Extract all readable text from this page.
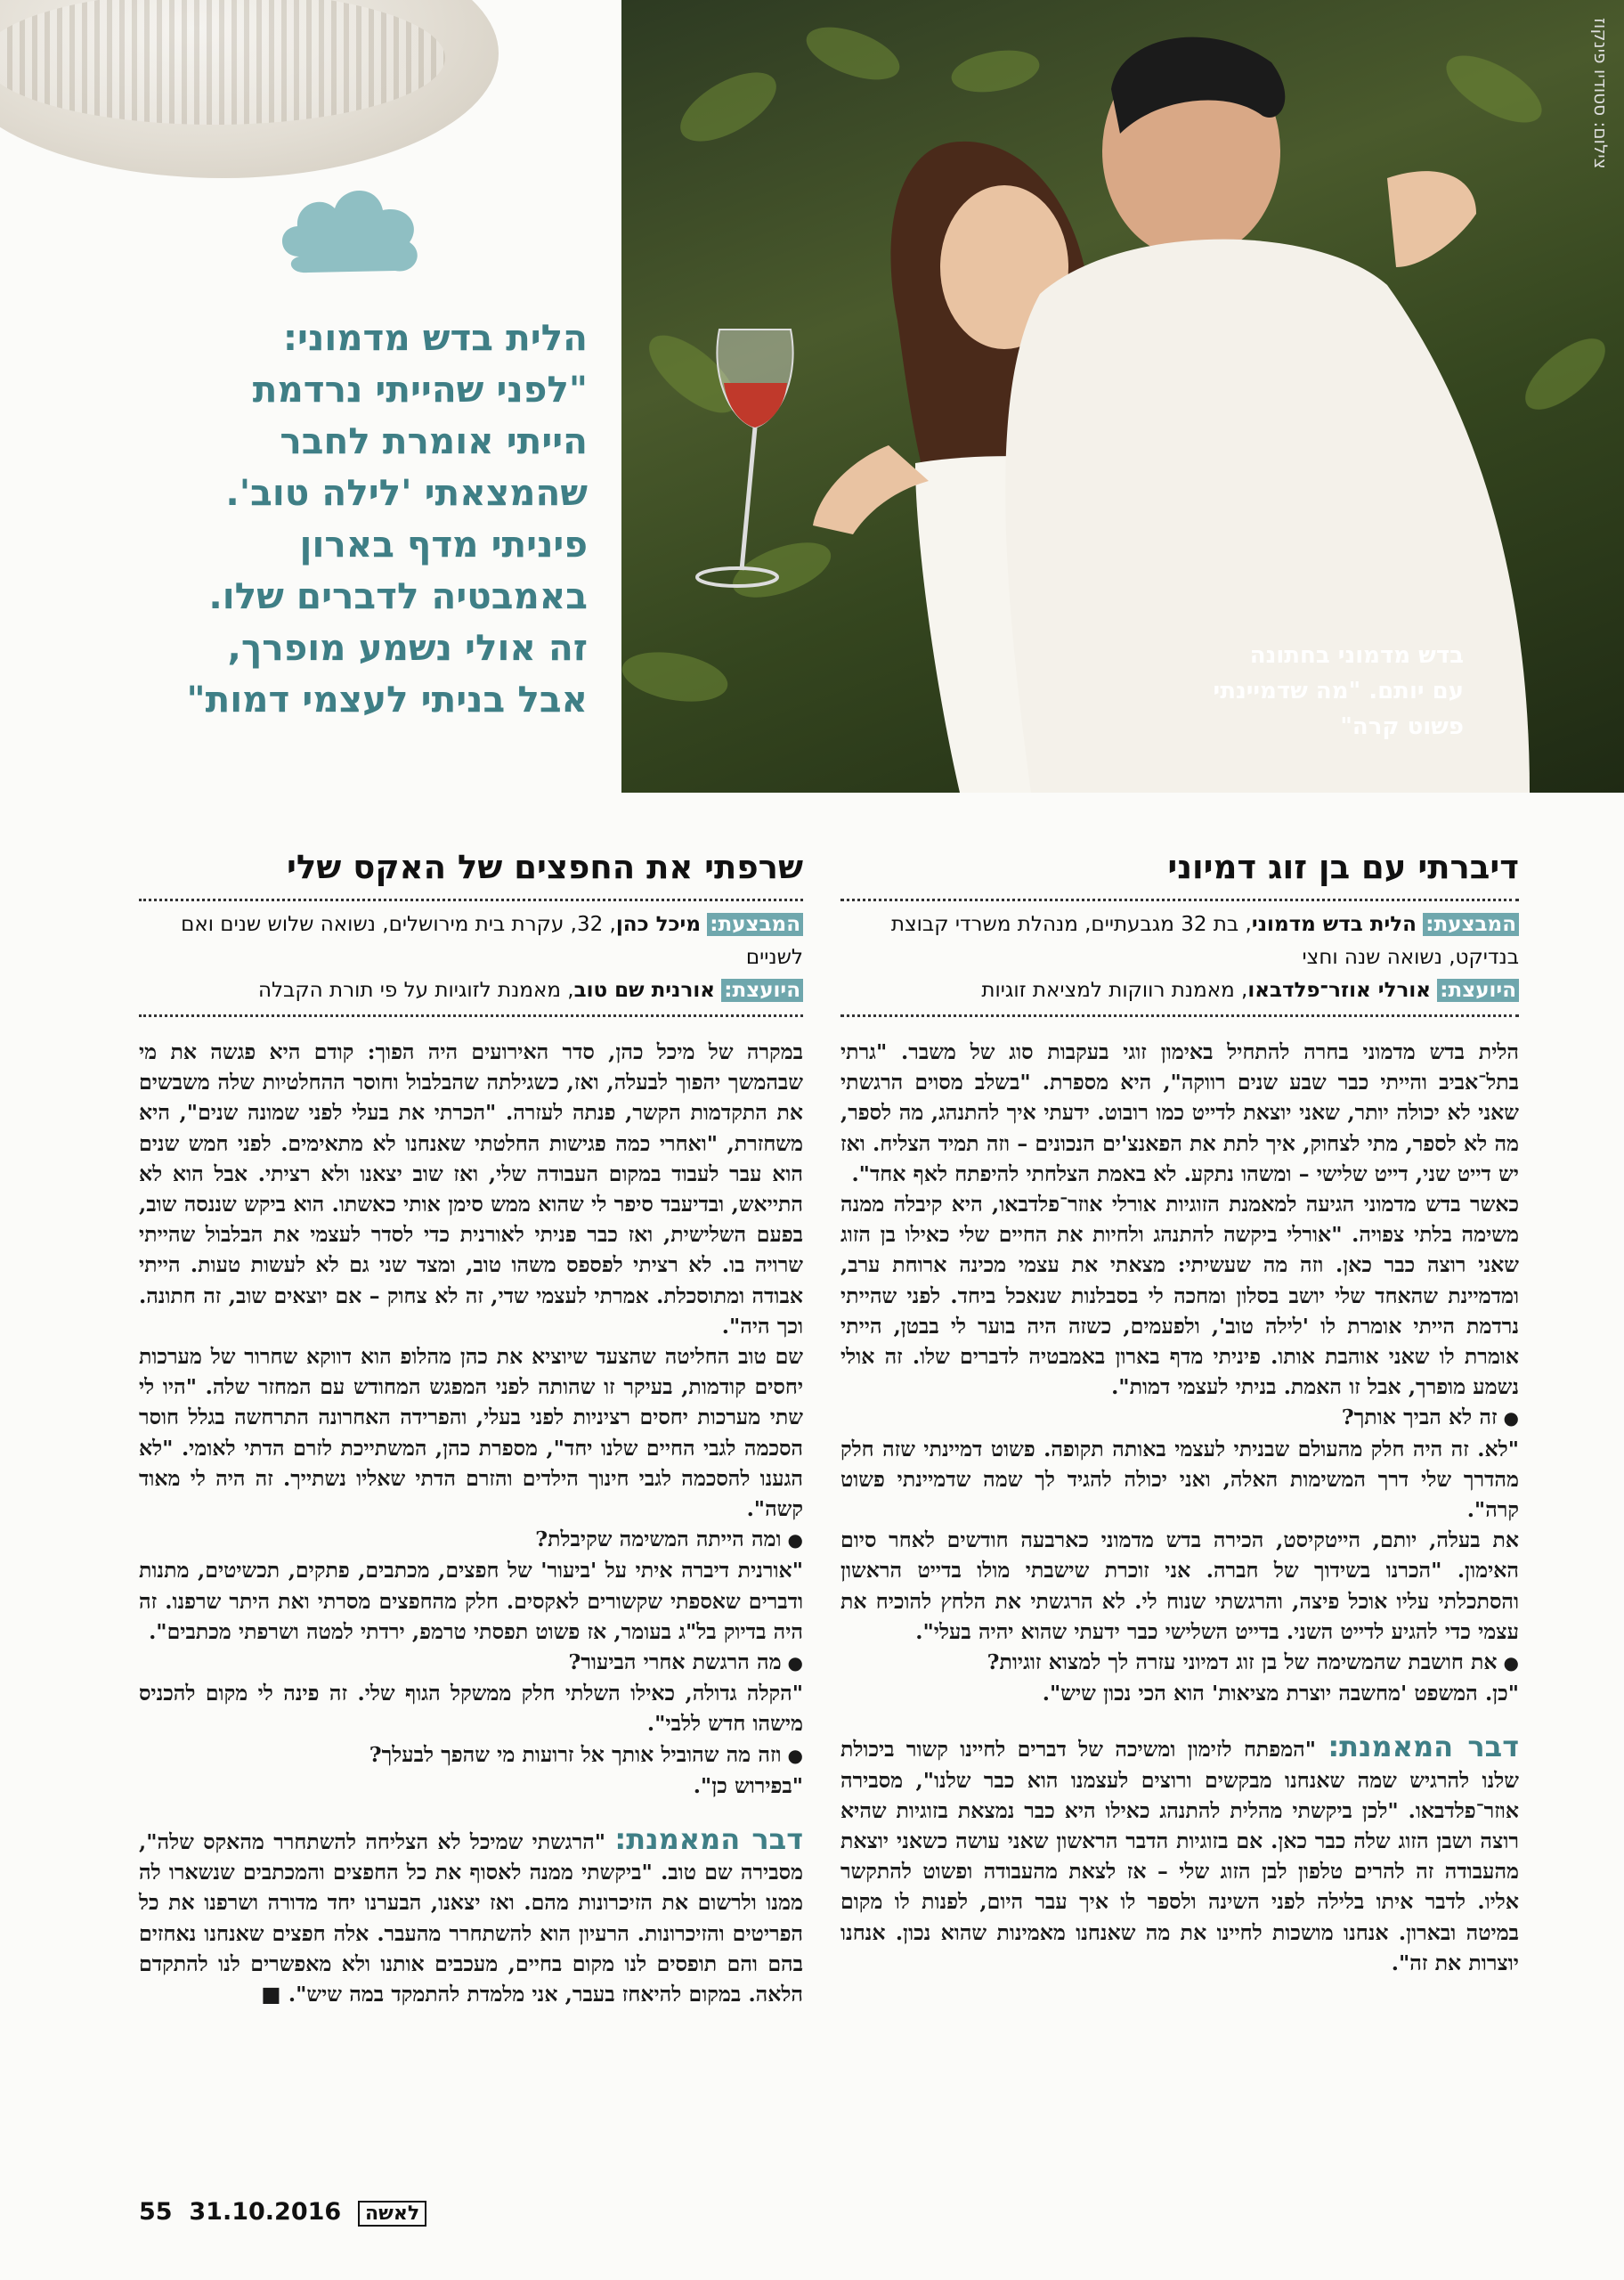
הלית בדש מדמוני:
"לפני שהייתי נרדמת
הייתי אומרת לחבר
שהמצאתי 'לילה טוב'.
פיניתי מדף בארון
באמבטיה לדברים שלו.
זה אולי נשמע מופרך,
אבל בניתי לעצמי דמות"
צילום: סטודיו פינקוז
בדש מדמוני בחתונה
עם יותם. "מה שדמיינתי
פשוט קרה"
דיברתי עם בן זוג דמיוני
המבצעת: הלית בדש מדמוני, בת 32 מגבעתיים, מנהלת משרדי קבוצת בנדיקט, נשואה שנה וחצי
היועצת: אורלי אוזר־פלדבאו, מאמנת רווקות למציאת זוגיות

הלית בדש מדמוני בחרה להתחיל באימון זוגי בעקבות סוג של משבר. "גרתי בתל־אביב והייתי כבר שבע שנים רווקה", היא מספרת. "בשלב מסוים הרגשתי שאני לא יכולה יותר, שאני יוצאת לדייט כמו רובוט. ידעתי איך להתנהג, מה לספר, מה לא לספר, מתי לצחוק, איך לתת את הפאנצ'ים הנכונים – וזה תמיד הצליח. ואז יש דייט שני, דייט שלישי – ומשהו נתקע. לא באמת הצלחתי להיפתח לאף אחד".

כאשר בדש מדמוני הגיעה למאמנת הזוגיות אורלי אוזר־פלדבאו, היא קיבלה ממנה משימה בלתי צפויה. "אורלי ביקשה להתנהג ולחיות את החיים שלי כאילו בן הזוג שאני רוצה כבר כאן. וזה מה שעשיתי: מצאתי את עצמי מכינה ארוחת ערב, ומדמיינת שהאחד שלי יושב בסלון ומחכה לי בסבלנות שנאכל ביחד. לפני שהייתי נרדמת הייתי אומרת לו 'לילה טוב', ולפעמים, כשזה היה בוער לי בבטן, הייתי אומרת לו שאני אוהבת אותו. פיניתי מדף בארון באמבטיה לדברים שלו. זה אולי נשמע מופרך, אבל זו האמת. בניתי לעצמי דמות".

● זה לא הביך אותך?

"לא. זה היה חלק מהעולם שבניתי לעצמי באותה תקופה. פשוט דמיינתי שזה חלק מהדרך שלי דרך המשימות האלה, ואני יכולה להגיד לך שמה שדמיינתי פשוט קרה".

את בעלה, יותם, הייטקיסט, הכירה בדש מדמוני כארבעה חודשים לאחר סיום האימון. "הכרנו בשידוך של חברה. אני זוכרת שישבתי מולו בדייט הראשון והסתכלתי עליו אוכל פיצה, והרגשתי שנוח לי. לא הרגשתי את הלחץ להוכיח את עצמי כדי להגיע לדייט השני. בדייט השלישי כבר ידעתי שהוא יהיה בעלי".

● את חושבת שהמשימה של בן זוג דמיוני עזרה לך למצוא זוגיות?

"כן. המשפט 'מחשבה יוצרת מציאות' הוא הכי נכון שיש".

דבר המאמנת: "המפתח לזימון ומשיכה של דברים לחיינו קשור ביכולת שלנו להרגיש שמה שאנחנו מבקשים ורוצים לעצמנו הוא כבר שלנו", מסבירה אוזר־פלדבאו. "לכן ביקשתי מהלית להתנהג כאילו היא כבר נמצאת בזוגיות שהיא רוצה ושבן הזוג שלה כבר כאן. אם בזוגיות הדבר הראשון שאני עושה כשאני יוצאת מהעבודה זה להרים טלפון לבן הזוג שלי – אז לצאת מהעבודה ופשוט להתקשר אליו. לדבר איתו בלילה לפני השינה ולספר לו איך עבר היום, לפנות לו מקום במיטה ובארון. אנחנו מושכות לחיינו את מה שאנחנו מאמינות שהוא נכון. אנחנו יוצרות את זה".

שרפתי את החפצים של האקס שלי
המבצעת: מיכל כהן, 32, עקרת בית מירושלים, נשואה שלוש שנים ואם לשניים
היועצת: אורנית שם טוב, מאמנת לזוגיות על פי תורת הקבלה

במקרה של מיכל כהן, סדר האירועים היה הפוך: קודם היא פגשה את מי שבהמשך יהפוך לבעלה, ואז, כשגילתה שהבלבול וחוסר ההחלטיות שלה משבשים את התקדמות הקשר, פנתה לעזרה. "הכרתי את בעלי לפני שמונה שנים", היא משחזרת, "ואחרי כמה פגישות החלטתי שאנחנו לא מתאימים. לפני חמש שנים הוא עבר לעבוד במקום העבודה שלי, ואז שוב יצאנו ולא רציתי. אבל הוא לא התייאש, ובדיעבד סיפר לי שהוא ממש סימן אותי כאשתו. הוא ביקש שננסה שוב, בפעם השלישית, ואז כבר פניתי לאורנית כדי לסדר לעצמי את הבלבול שהייתי שרויה בו. לא רציתי לפספס משהו טוב, ומצד שני גם לא לעשות טעות. הייתי אבודה ומתוסכלת. אמרתי לעצמי שדי, זה לא צחוק – אם יוצאים שוב, זה חתונה. וכך היה".

שם טוב החליטה שהצעד שיוציא את כהן מהלופ הוא דווקא שחרור של מערכות יחסים קודמות, בעיקר זו שהותה לפני המפגש המחודש עם המחזר שלה. "היו לי שתי מערכות יחסים רציניות לפני בעלי, והפרידה האחרונה התרחשה בגלל חוסר הסכמה לגבי החיים שלנו יחד", מספרת כהן, המשתייכת לזרם הדתי לאומי. "לא הגענו להסכמה לגבי חינוך הילדים והזרם הדתי שאליו נשתייך. זה היה לי מאוד קשה".

● ומה הייתה המשימה שקיבלת?

"אורנית דיברה איתי על 'ביעור' של חפצים, מכתבים, פתקים, תכשיטים, מתנות ודברים שאספתי שקשורים לאקסים. חלק מהחפצים מסרתי ואת היתר שרפנו. זה היה בדיוק בל"ג בעומר, אז פשוט תפסתי טרמפ, ירדתי למטה ושרפתי מכתבים".

● מה הרגשת אחרי הביעור?

"הקלה גדולה, כאילו השלתי חלק ממשקל הגוף שלי. זה פינה לי מקום להכניס מישהו חדש ללבי".

● וזה מה שהוביל אותך אל זרועות מי שהפך לבעלך?

"בפירוש כן".

דבר המאמנת: "הרגשתי שמיכל לא הצליחה להשתחרר מהאקס שלה", מסבירה שם טוב. "ביקשתי ממנה לאסוף את כל החפצים והמכתבים שנשארו לה ממנו ולרשום את הזיכרונות מהם. ואז יצאנו, הבערנו יחד מדורה ושרפנו את כל הפריטים והזיכרונות. הרעיון הוא להשתחרר מהעבר. אלה חפצים שאנחנו נאחזים בהם והם תופסים לנו מקום בחיים, מעכבים אותנו ולא מאפשרים לנו להתקדם הלאה. במקום להיאחז בעבר, אני מלמדת להתמקד במה שיש". ■

55	לאשה  31.10.2016
